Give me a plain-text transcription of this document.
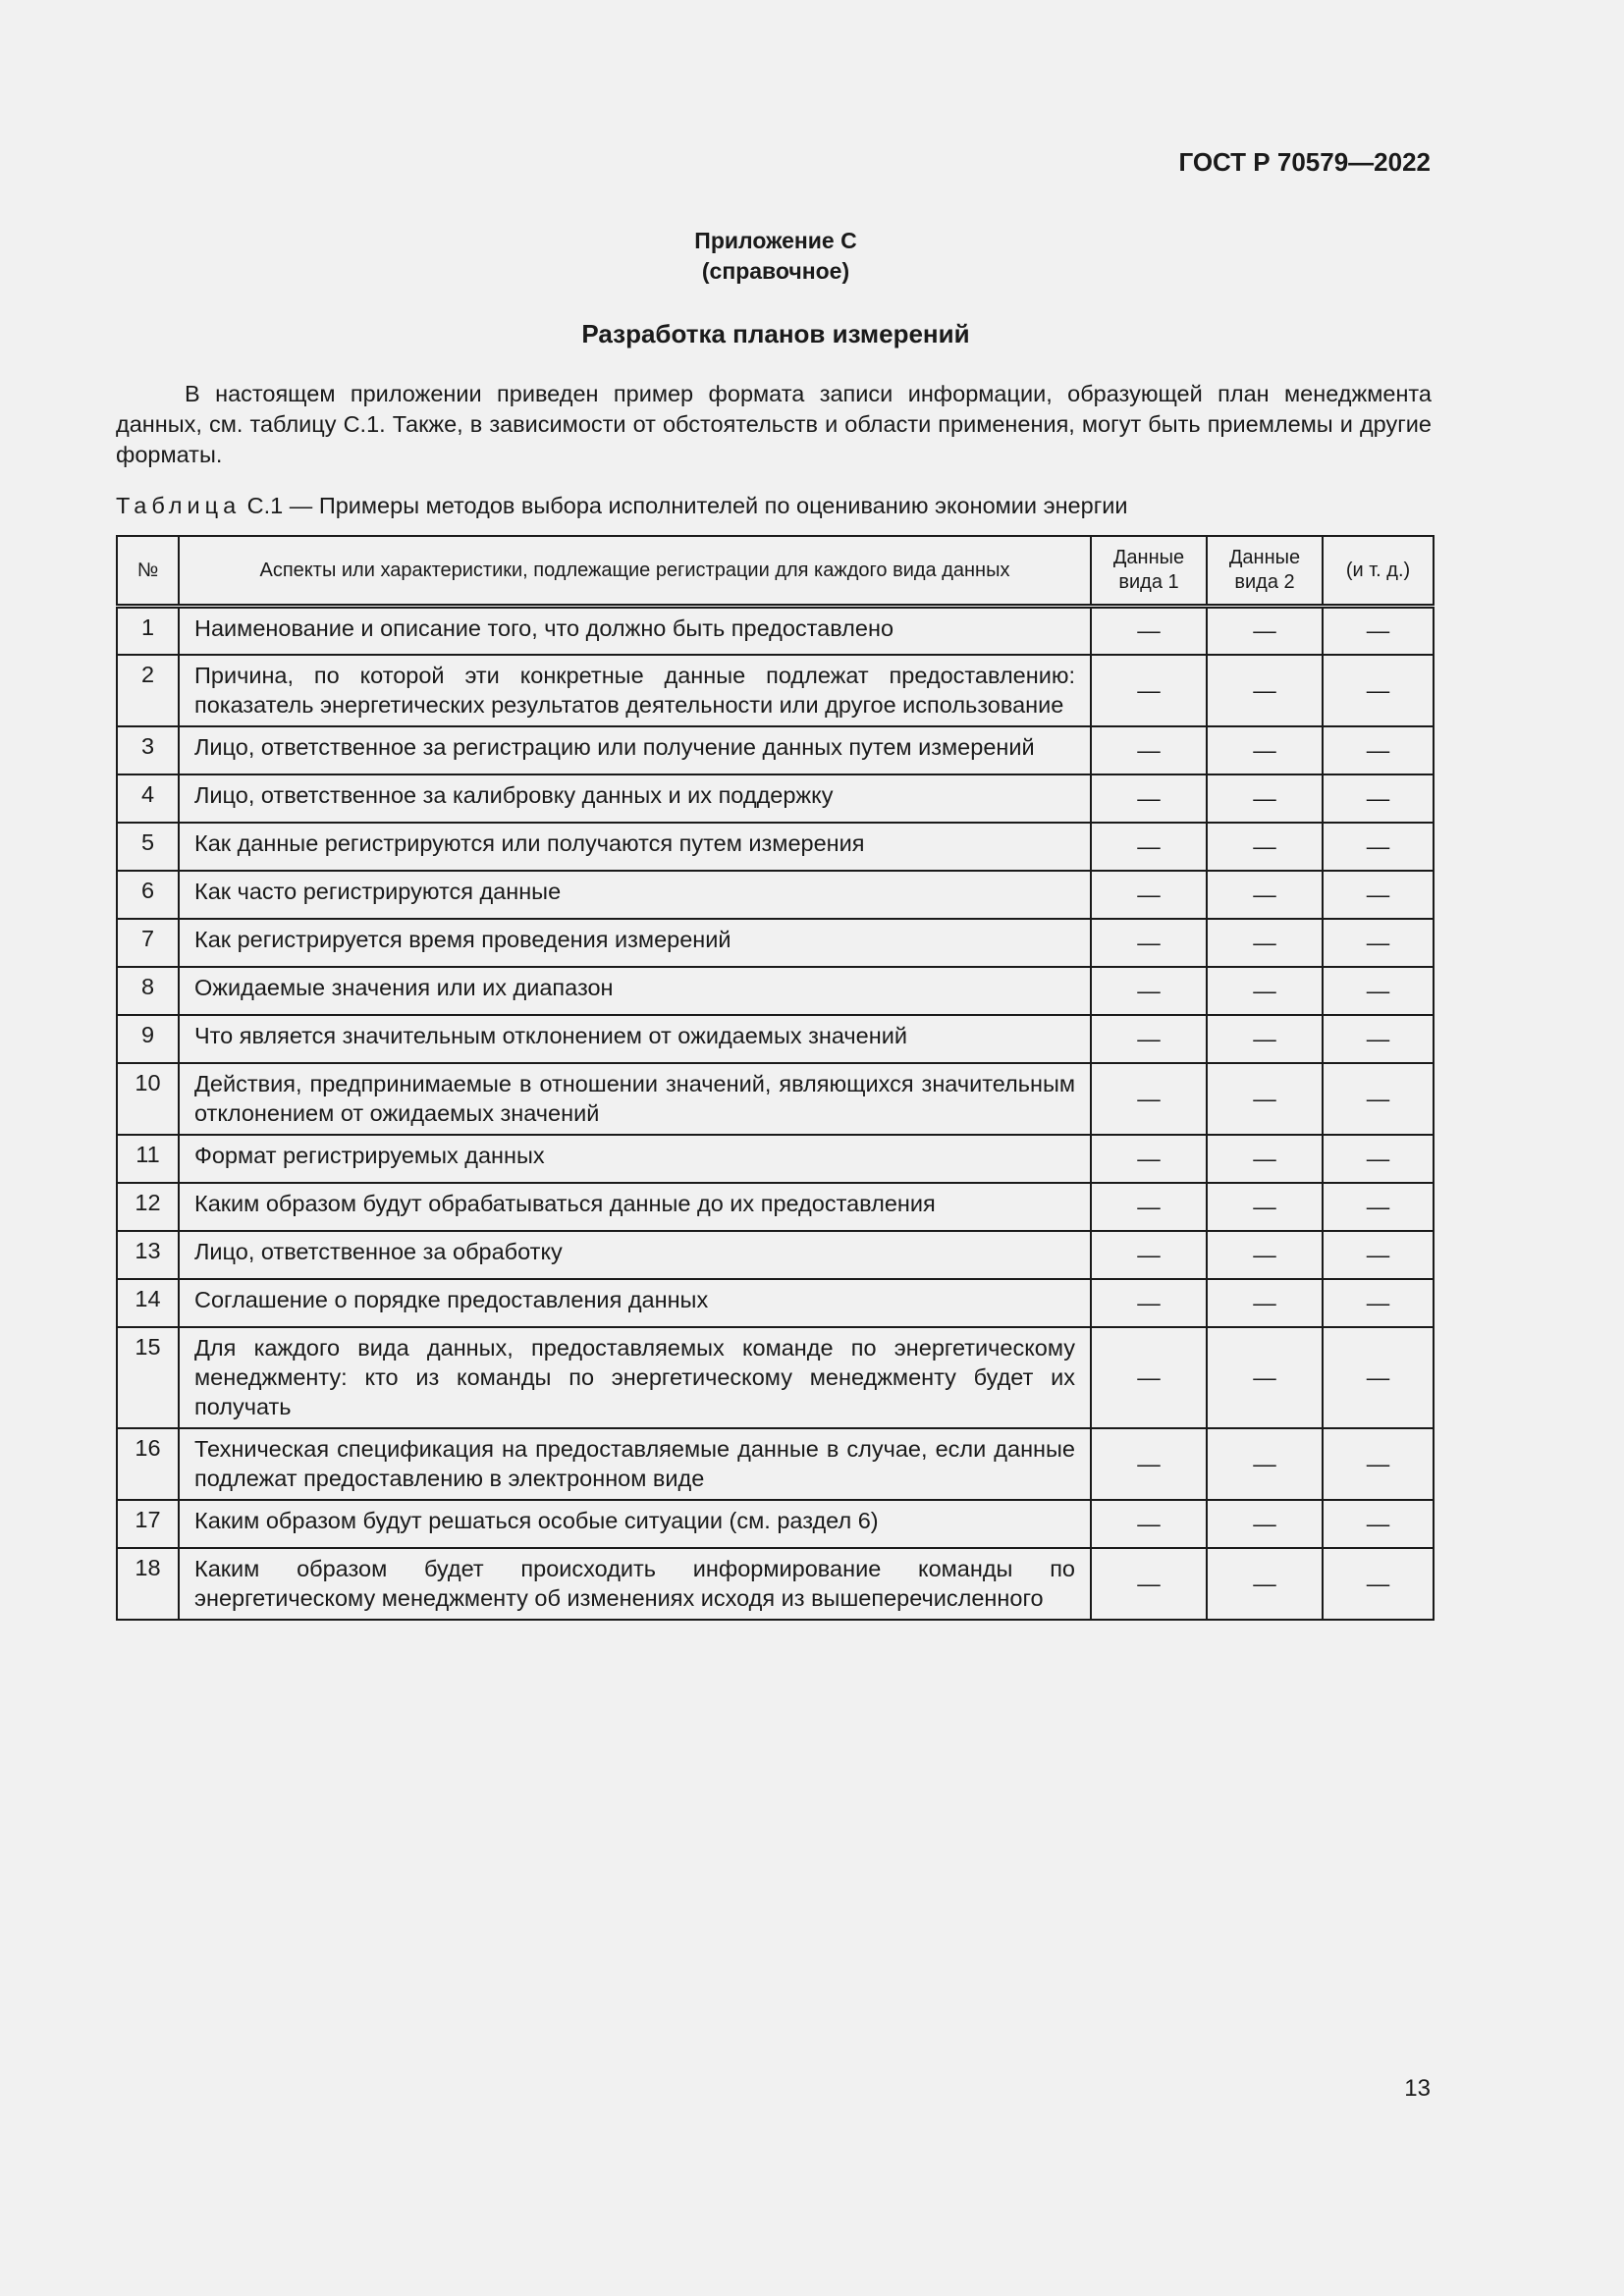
ГОСТ Р 70579—2022
Приложение С
(справочное)
Разработка планов измерений
В настоящем приложении приведен пример формата записи информации, образующей план менеджмента данных, см. таблицу С.1. Также, в зависимости от обстоятельств и области применения, могут быть приемлемы и другие форматы.
Таблица С.1 — Примеры методов выбора исполнителей по оцениванию экономии энергии
№	Аспекты или характеристики, подлежащие регистрации для каждого вида данных	Данные вида 1	Данные вида 2	(и т. д.)
1	Наименование и описание того, что должно быть предоставлено	—	—	—
2	Причина, по которой эти конкретные данные подлежат предоставлению: показатель энергетических результатов деятельности или другое использование	—	—	—
3	Лицо, ответственное за регистрацию или получение данных путем измерений	—	—	—
4	Лицо, ответственное за калибровку данных и их поддержку	—	—	—
5	Как данные регистрируются или получаются путем измерения	—	—	—
6	Как часто регистрируются данные	—	—	—
7	Как регистрируется время проведения измерений	—	—	—
8	Ожидаемые значения или их диапазон	—	—	—
9	Что является значительным отклонением от ожидаемых значений	—	—	—
10	Действия, предпринимаемые в отношении значений, являющихся значительным отклонением от ожидаемых значений	—	—	—
11	Формат регистрируемых данных	—	—	—
12	Каким образом будут обрабатываться данные до их предоставления	—	—	—
13	Лицо, ответственное за обработку	—	—	—
14	Соглашение о порядке предоставления данных	—	—	—
15	Для каждого вида данных, предоставляемых команде по энергетическому менеджменту: кто из команды по энергетическому менеджменту будет их получать	—	—	—
16	Техническая спецификация на предоставляемые данные в случае, если данные подлежат предоставлению в электронном виде	—	—	—
17	Каким образом будут решаться особые ситуации (см. раздел 6)	—	—	—
18	Каким образом будет происходить информирование команды по энергетическому менеджменту об изменениях исходя из вышеперечисленного	—	—	—
13
